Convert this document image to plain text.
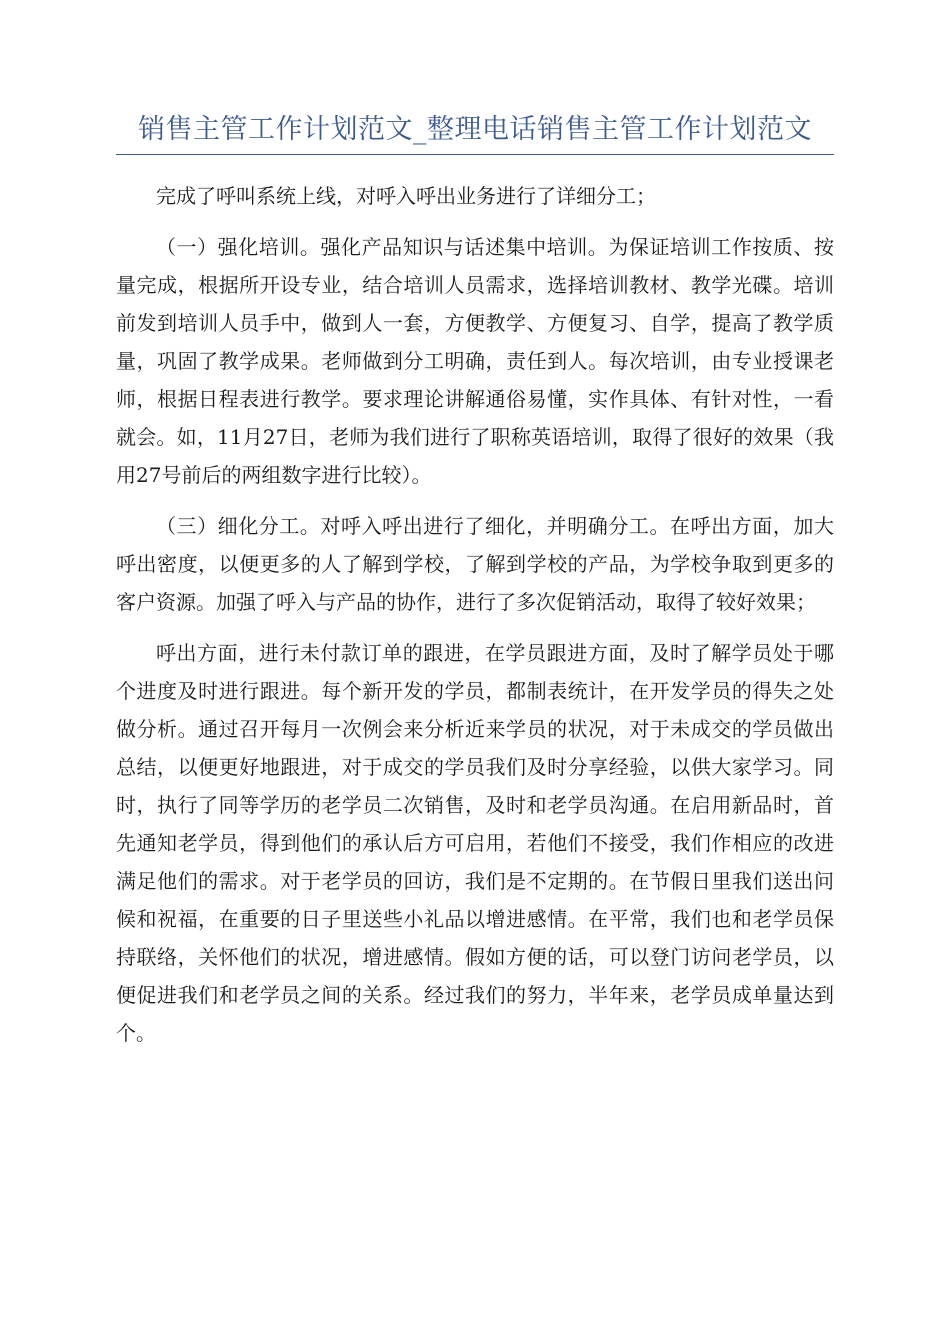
销售主管工作计划范文_整理电话销售主管工作计划范文

完成了呼叫系统上线，对呼入呼出业务进行了详细分工；

（一）强化培训。强化产品知识与话述集中培训。为保证培训工作按质、按量完成，根据所开设专业，结合培训人员需求，选择培训教材、教学光碟。培训前发到培训人员手中，做到人一套，方便教学、方便复习、自学，提高了教学质量，巩固了教学成果。老师做到分工明确，责任到人。每次培训，由专业授课老师，根据日程表进行教学。要求理论讲解通俗易懂，实作具体、有针对性，一看就会。如，11月27日，老师为我们进行了职称英语培训，取得了很好的效果（我用27号前后的两组数字进行比较）。

（三）细化分工。对呼入呼出进行了细化，并明确分工。在呼出方面，加大呼出密度，以便更多的人了解到学校，了解到学校的产品，为学校争取到更多的客户资源。加强了呼入与产品的协作，进行了多次促销活动，取得了较好效果；

呼出方面，进行未付款订单的跟进，在学员跟进方面，及时了解学员处于哪个进度及时进行跟进。每个新开发的学员，都制表统计，在开发学员的得失之处做分析。通过召开每月一次例会来分析近来学员的状况，对于未成交的学员做出总结，以便更好地跟进，对于成交的学员我们及时分享经验，以供大家学习。同时，执行了同等学历的老学员二次销售，及时和老学员沟通。在启用新品时，首先通知老学员，得到他们的承认后方可启用，若他们不接受，我们作相应的改进满足他们的需求。对于老学员的回访，我们是不定期的。在节假日里我们送出问候和祝福，在重要的日子里送些小礼品以增进感情。在平常，我们也和老学员保持联络，关怀他们的状况，增进感情。假如方便的话，可以登门访问老学员，以便促进我们和老学员之间的关系。经过我们的努力，半年来，老学员成单量达到个。
